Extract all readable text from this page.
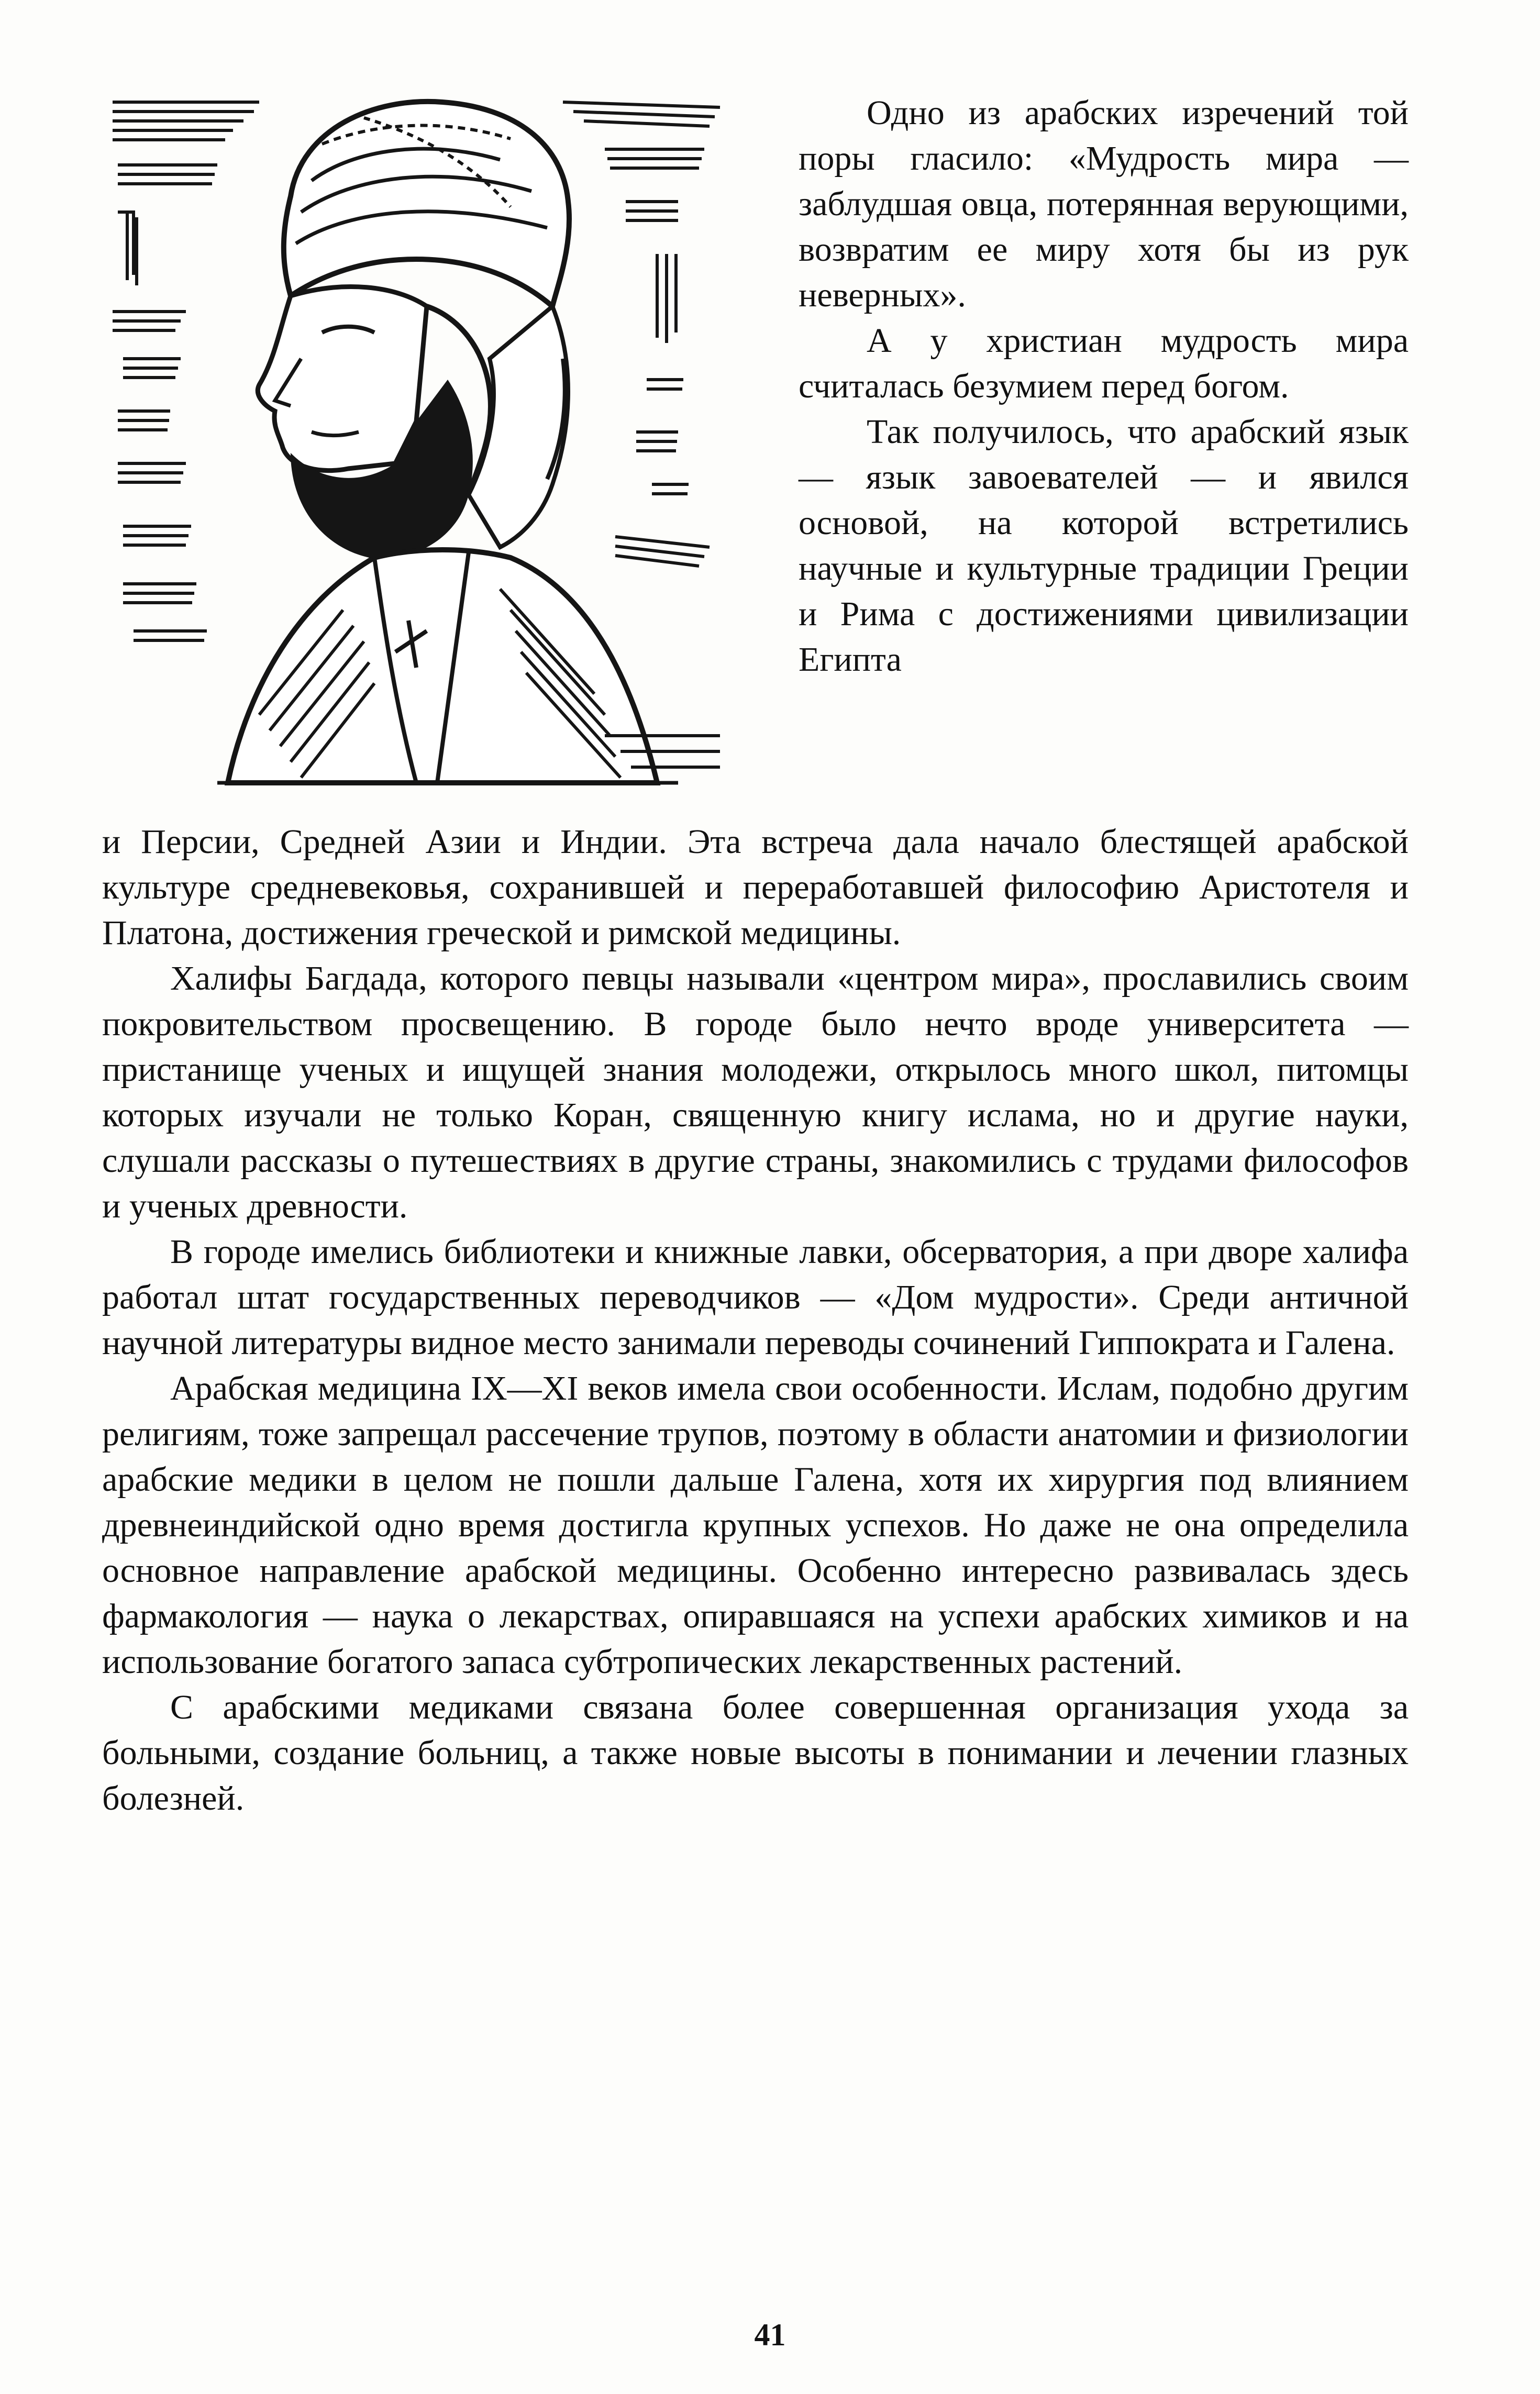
Одно из арабских изречений той поры гласило: «Мудрость мира — заблудшая овца, потерянная верующими, возвратим ее миру хотя бы из рук неверных».

А у христиан мудрость мира считалась безумием перед богом.

Так получилось, что арабский язык — язык завоевателей — и явился основой, на которой встретились научные и культурные традиции Греции и Рима с достижениями цивилизации Египта

и Персии, Средней Азии и Индии. Эта встреча дала начало блестящей арабской культуре средневековья, сохранившей и переработавшей философию Аристотеля и Платона, достижения греческой и римской медицины.

Халифы Багдада, которого певцы называли «центром мира», прославились своим покровительством просвещению. В городе было нечто вроде университета — пристанище ученых и ищущей знания молодежи, открылось много школ, питомцы которых изучали не только Коран, священную книгу ислама, но и другие науки, слушали рассказы о путешествиях в другие страны, знакомились с трудами философов и ученых древности.

В городе имелись библиотеки и книжные лавки, обсерватория, а при дворе халифа работал штат государственных переводчиков — «Дом мудрости». Среди античной научной литературы видное место занимали переводы сочинений Гиппократа и Галена.

Арабская медицина IX—XI веков имела свои особенности. Ислам, подобно другим религиям, тоже запрещал рассечение трупов, поэтому в области анатомии и физиологии арабские медики в целом не пошли дальше Галена, хотя их хирургия под влиянием древнеиндийской одно время достигла крупных успехов. Но даже не она определила основное направление арабской медицины. Особенно интересно развивалась здесь фармакология — наука о лекарствах, опиравшаяся на успехи арабских химиков и на использование богатого запаса субтропических лекарственных растений.

С арабскими медиками связана более совершенная организация ухода за больными, создание больниц, а также новые высоты в понимании и лечении глазных болезней.

41
